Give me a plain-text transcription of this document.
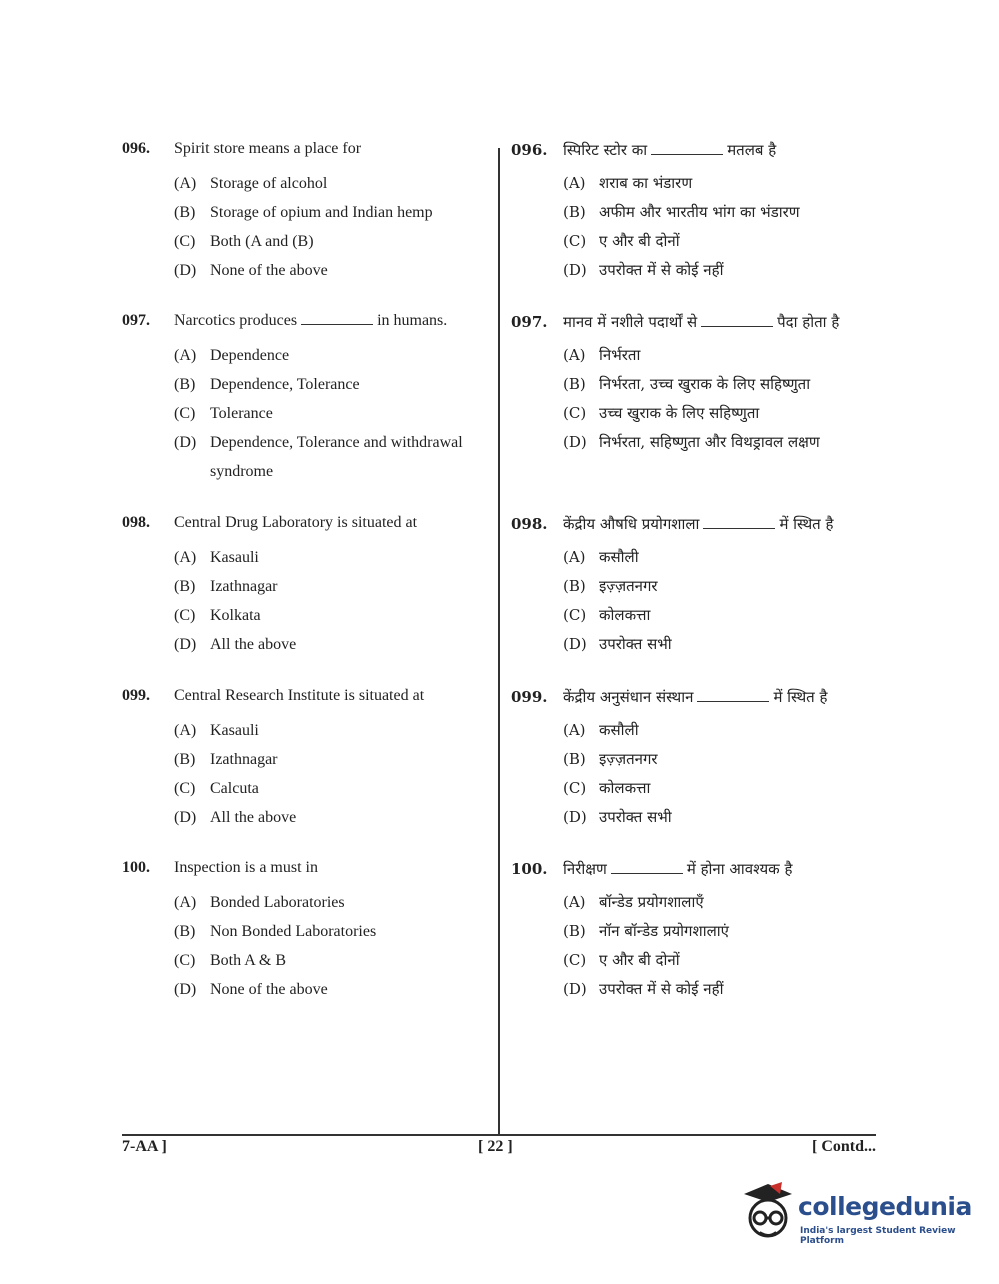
096.	Spirit store means a place for
(A) Storage of alcohol
(B) Storage of opium and Indian hemp
(C) Both (A and (B)
(D) None of the above
097.	Narcotics produces	in humans.
(A) Dependence
(B) Dependence, Tolerance
(C) Tolerance
(D) Dependence, Tolerance and withdrawal syndrome
098.	Central Drug Laboratory is situated at
(A) Kasauli
(B) Izathnagar
(C) Kolkata
(D) All the above
099.	Central Research Institute is situated at
(A) Kasauli
(B) Izathnagar
(C) Calcuta
(D) All the above
100.	Inspection is a must in
(A) Bonded Laboratories
(B) Non Bonded Laboratories
(C) Both A & B
(D) None of the above
096.	स्पिरिट स्टोर का	मतलब है
(A) शराब का भंडारण
(B) अफीम और भारतीय भांग का भंडारण
(C) ए और बी दोनों
(D) उपरोक्त में से कोई नहीं
097.	मानव में नशीले पदार्थों से	पैदा होता है
(A) निर्भरता
(B) निर्भरता, उच्च खुराक के लिए सहिष्णुता
(C) उच्च खुराक के लिए सहिष्णुता
(D) निर्भरता, सहिष्णुता और विथड्रावल लक्षण
098.	केंद्रीय औषधि प्रयोगशाला	में स्थित है
(A) कसौली
(B) इज़्ज़तनगर
(C) कोलकत्ता
(D) उपरोक्त सभी
099.	केंद्रीय अनुसंधान संस्थान	में स्थित है
(A) कसौली
(B) इज़्ज़तनगर
(C) कोलकत्ता
(D) उपरोक्त सभी
100.	निरीक्षण	में होना आवश्यक है
(A) बॉन्डेड प्रयोगशालाएँ
(B) नॉन बॉन्डेड प्रयोगशालाएं
(C) ए और बी दोनों
(D) उपरोक्त में से कोई नहीं
7-AA ]	[ 22 ]	[ Contd...
collegedunia
India's largest Student Review Platform
